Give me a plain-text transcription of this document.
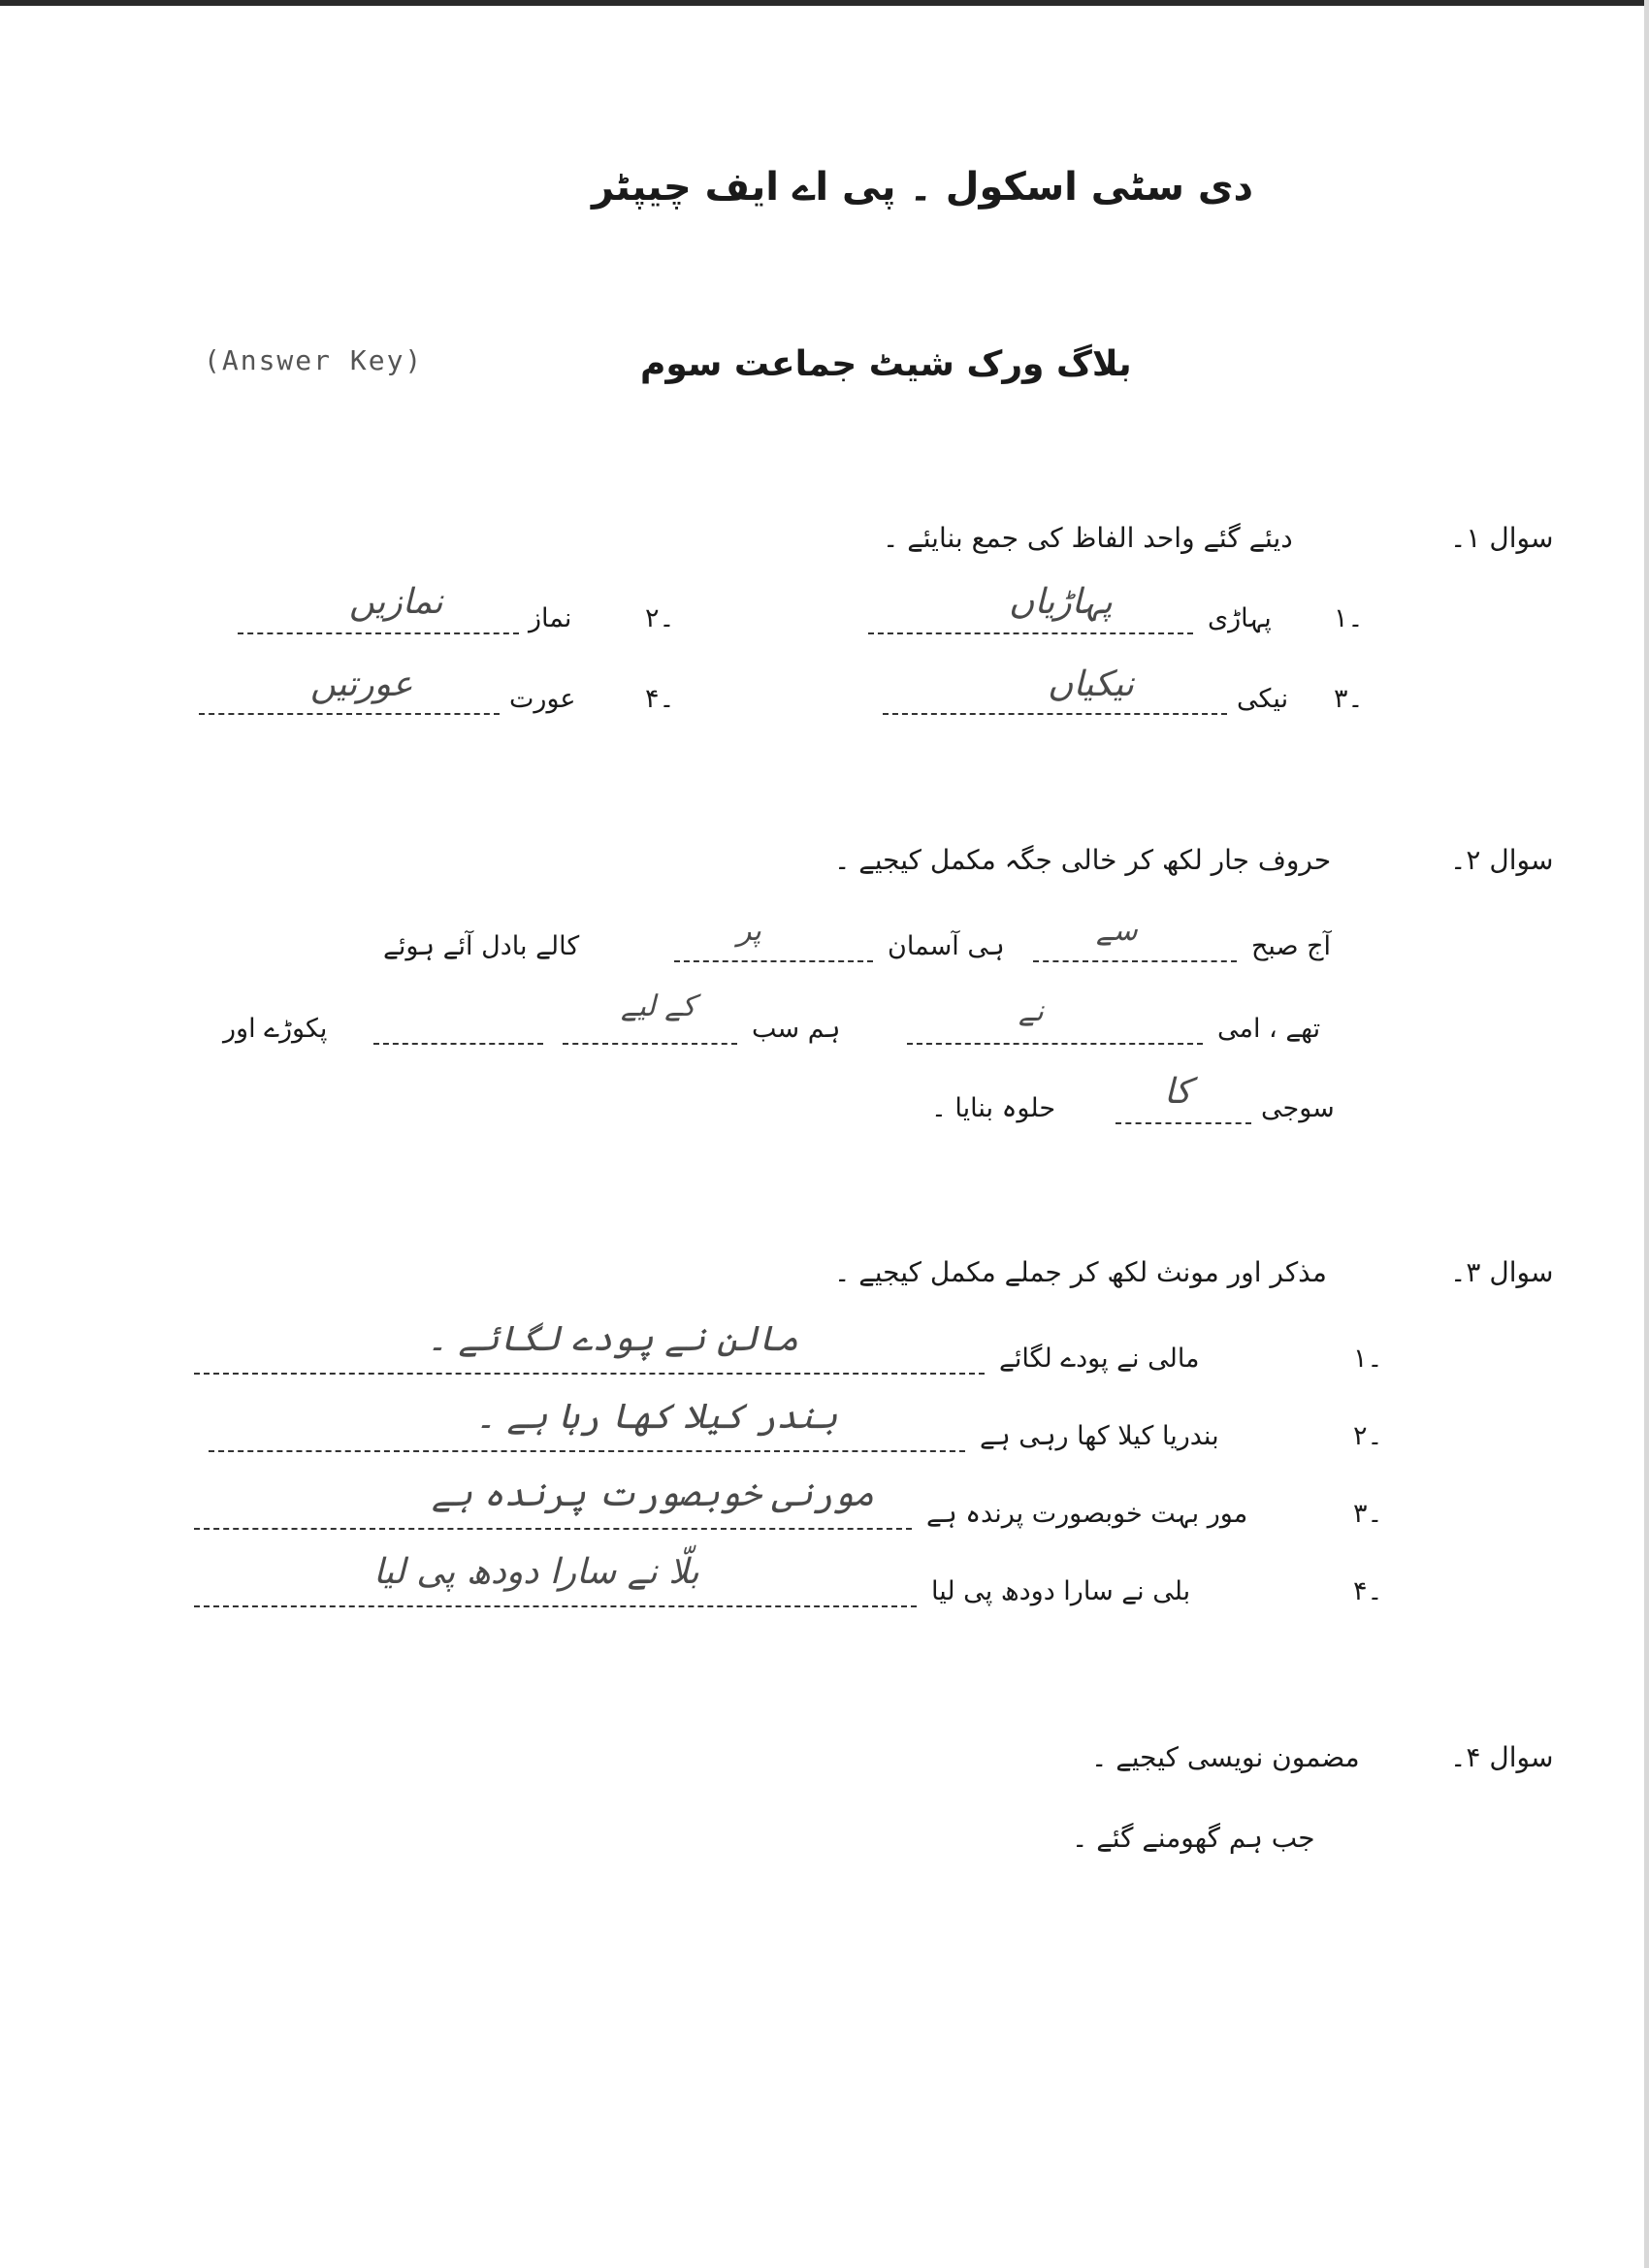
دی سٹی اسکول ۔ پی اے ایف چیپٹر
(Answer Key)	بلاگ ورک شیٹ جماعت سوم
سوال ۱۔
دیئے گئے واحد الفاظ کی جمع بنایئے ۔
۱۔
پہاڑی
پہاڑیاں
۲۔
نماز
نمازیں
۳۔
نیکی
نیکیاں
۴۔
عورت
عورتیں
سوال ۲۔
حروف جار لکھ کر خالی جگہ مکمل کیجیے ۔
آج صبح
سے
ہی آسمان
پر
کالے بادل آئے ہوئے
تھے ، امی
نے
ہم سب
کے لیے
پکوڑے اور
سوجی
کا
حلوہ بنایا ۔
سوال ۳۔
مذکر اور مونث لکھ کر جملے مکمل کیجیے ۔
۱۔
مالی نے پودے لگائے
مالن نے پودے لگائے ۔
۲۔
بندریا کیلا کھا رہی ہے
بندر کیلا کھا رہا ہے ۔
۳۔
مور بہت خوبصورت پرندہ ہے
مورنی خوبصورت پرندہ ہے
۴۔
بلی نے سارا دودھ پی لیا
بلّا نے سارا دودھ پی لیا
سوال ۴۔
مضمون نویسی کیجیے ۔
جب ہم گھومنے گئے ۔
